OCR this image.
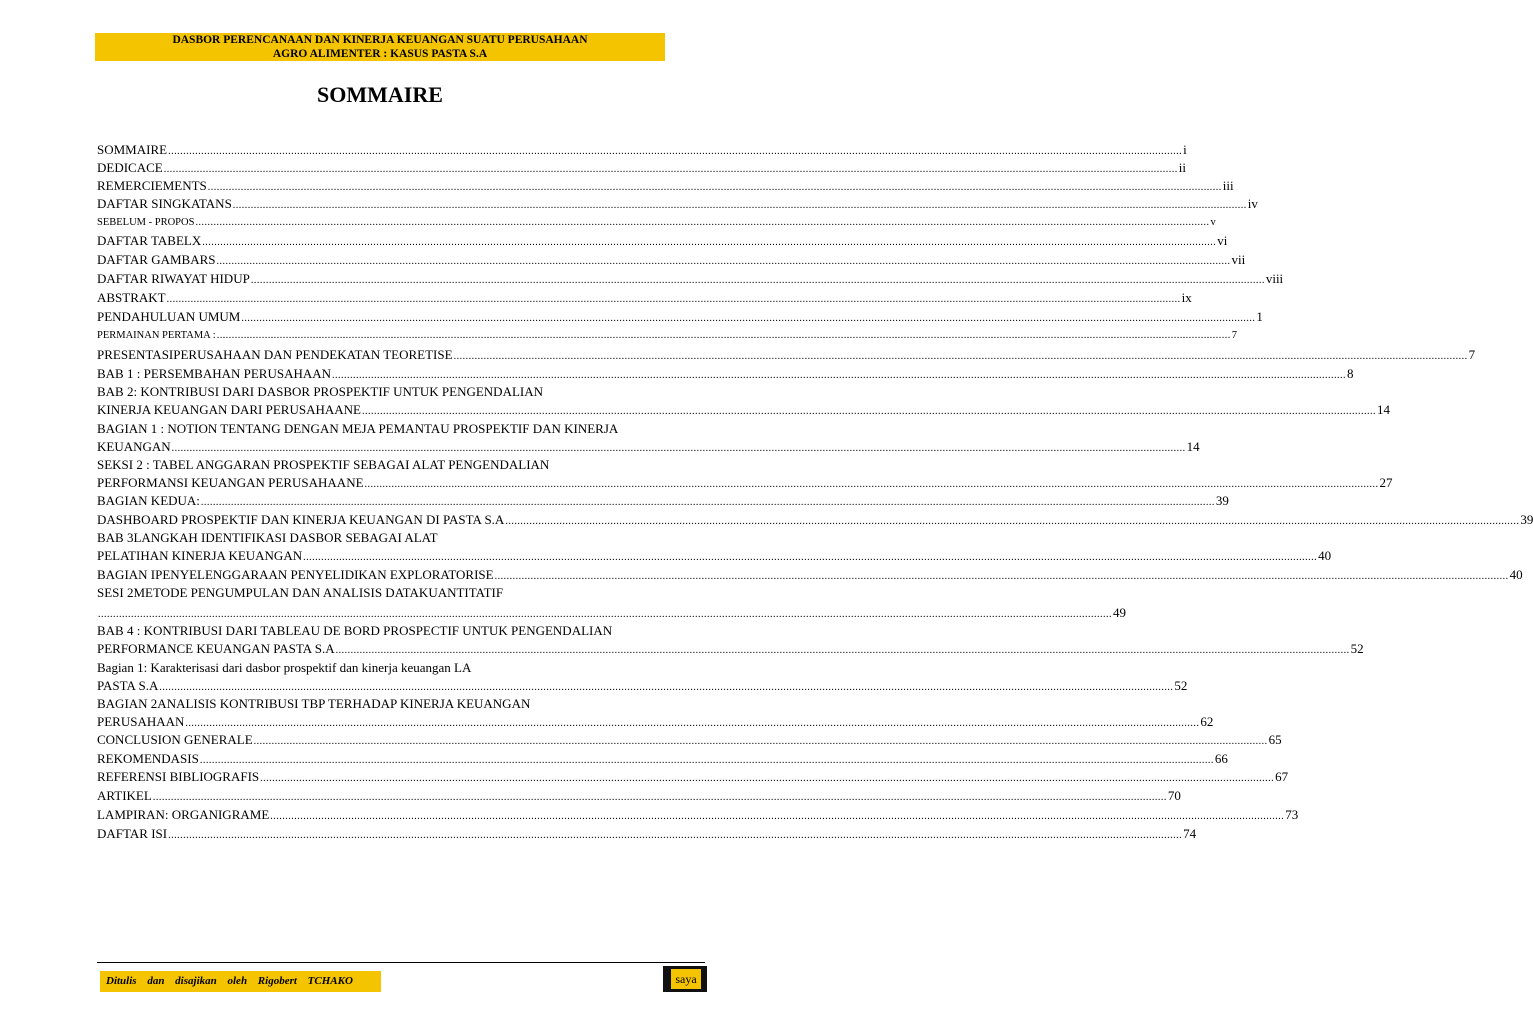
DASBOR PERENCANAAN DAN KINERJA KEUANGAN SUATU PERUSAHAAN
AGRO ALIMENTER : KASUS PASTA S.A
SOMMAIRE
SOMMAIRE .................................................................................................................................................................................................................................................................................................................................................. i
DEDICACE .................................................................................................................................................................................................................................................................................................................................................. ii
REMERCIEMENTS .................................................................................................................................................................................................................................................................................................................................................. iii
DAFTAR SINGKATANS .................................................................................................................................................................................................................................................................................................................................................. iv
SEBELUM - PROPOS .................................................................................................................................................................................................................................................................................................................................................. v
DAFTAR TABELX .................................................................................................................................................................................................................................................................................................................................................. vi
DAFTAR GAMBARS .................................................................................................................................................................................................................................................................................................................................................. vii
DAFTAR RIWAYAT HIDUP .................................................................................................................................................................................................................................................................................................................................................. viii
ABSTRAKT .................................................................................................................................................................................................................................................................................................................................................. ix
PENDAHULUAN UMUM .................................................................................................................................................................................................................................................................................................................................................. 1
PERMAINAN PERTAMA : .................................................................................................................................................................................................................................................................................................................................................. 7
PRESENTASIPERUSAHAAN DAN PENDEKATAN TEORETISE .................................................................................................................................................................................................................................................................................................................................................. 7
BAB 1 : PERSEMBAHAN PERUSAHAAN .................................................................................................................................................................................................................................................................................................................................................. 8
BAB 2: KONTRIBUSI DARI DASBOR PROSPEKTIF UNTUK PENGENDALIAN
KINERJA KEUANGAN DARI PERUSAHAANE .................................................................................................................................................................................................................................................................................................................................................. 14
BAGIAN 1 : NOTION TENTANG DENGAN MEJA PEMANTAU PROSPEKTIF DAN KINERJA
KEUANGAN .................................................................................................................................................................................................................................................................................................................................................. 14
SEKSI 2 : TABEL ANGGARAN PROSPEKTIF SEBAGAI ALAT PENGENDALIAN
PERFORMANSI KEUANGAN PERUSAHAANE .................................................................................................................................................................................................................................................................................................................................................. 27
BAGIAN KEDUA: .................................................................................................................................................................................................................................................................................................................................................. 39
DASHBOARD PROSPEKTIF DAN KINERJA KEUANGAN DI PASTA S.A .................................................................................................................................................................................................................................................................................................................................................. 39
BAB 3LANGKAH IDENTIFIKASI DASBOR SEBAGAI ALAT
PELATIHAN KINERJA KEUANGAN .................................................................................................................................................................................................................................................................................................................................................. 40
BAGIAN IPENYELENGGARAAN PENYELIDIKAN EXPLORATORISE .................................................................................................................................................................................................................................................................................................................................................. 40
SESI 2METODE PENGUMPULAN DAN ANALISIS DATAKUANTITATIF
.................................................................................................................................................................................................................................................................................................................................................. 49
BAB 4 : KONTRIBUSI DARI TABLEAU DE BORD PROSPECTIF UNTUK PENGENDALIAN
PERFORMANCE KEUANGAN PASTA S.A .................................................................................................................................................................................................................................................................................................................................................. 52
Bagian 1: Karakterisasi dari dasbor prospektif dan kinerja keuangan LA
PASTA S.A .................................................................................................................................................................................................................................................................................................................................................. 52
BAGIAN 2ANALISIS KONTRIBUSI TBP TERHADAP KINERJA KEUANGAN
PERUSAHAAN .................................................................................................................................................................................................................................................................................................................................................. 62
CONCLUSION GENERALE .................................................................................................................................................................................................................................................................................................................................................. 65
REKOMENDASIS .................................................................................................................................................................................................................................................................................................................................................. 66
REFERENSI BIBLIOGRAFIS .................................................................................................................................................................................................................................................................................................................................................. 67
ARTIKEL .................................................................................................................................................................................................................................................................................................................................................. 70
LAMPIRAN: ORGANIGRAME .................................................................................................................................................................................................................................................................................................................................................. 73
DAFTAR ISI .................................................................................................................................................................................................................................................................................................................................................. 74
Ditulis dan disajikan oleh Rigobert TCHAKO	saya
